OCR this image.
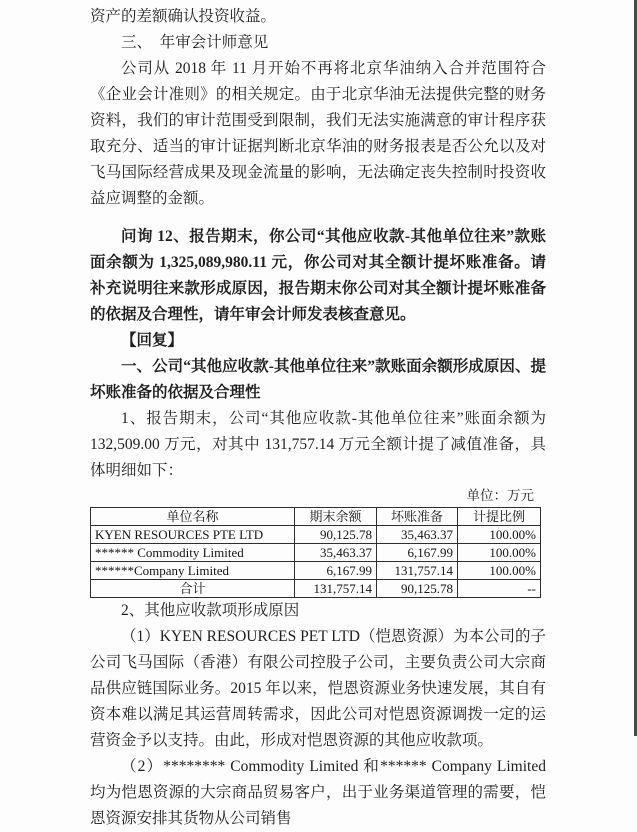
资产的差额确认投资收益。

三、　年审会计师意见

公司从 2018 年 11 月开始不再将北京华油纳入合并范围符合《企业会计准则》的相关规定。由于北京华油无法提供完整的财务资料，我们的审计范围受到限制，我们无法实施满意的审计程序获取充分、适当的审计证据判断北京华油的财务报表是否公允以及对飞马国际经营成果及现金流量的影响，无法确定丧失控制时投资收益应调整的金额。

问询 12、报告期末，你公司“其他应收款-其他单位往来”款账面余额为 1,325,089,980.11 元，你公司对其全额计提坏账准备。请补充说明往来款形成原因，报告期末你公司对其全额计提坏账准备的依据及合理性，请年审会计师发表核查意见。

【回复】

一、公司“其他应收款-其他单位往来”款账面余额形成原因、提坏账准备的依据及合理性

1、报告期末，公司“其他应收款-其他单位往来”账面余额为 132,509.00 万元，对其中 131,757.14 万元全额计提了减值准备，具体明细如下：

单位：万元
单位名称	期末余额	坏账准备	计提比例
KYEN RESOURCES PTE LTD	90,125.78	35,463.37	100.00%
****** Commodity Limited	35,463.37	6,167.99	100.00%
******Company Limited	6,167.99	131,757.14	100.00%
合计	131,757.14	90,125.78	--

2、其他应收款项形成原因

（1）KYEN RESOURCES PET LTD（恺恩资源）为本公司的子公司飞马国际（香港）有限公司控股子公司，主要负责公司大宗商品供应链国际业务。2015 年以来，恺恩资源业务快速发展，其自有资本难以满足其运营周转需求，因此公司对恺恩资源调拨一定的运营资金予以支持。由此，形成对恺恩资源的其他应收款项。

（2）******** Commodity Limited 和****** Company Limited 均为恺恩资源的大宗商品贸易客户，出于业务渠道管理的需要，恺恩资源安排其货物从公司销售
